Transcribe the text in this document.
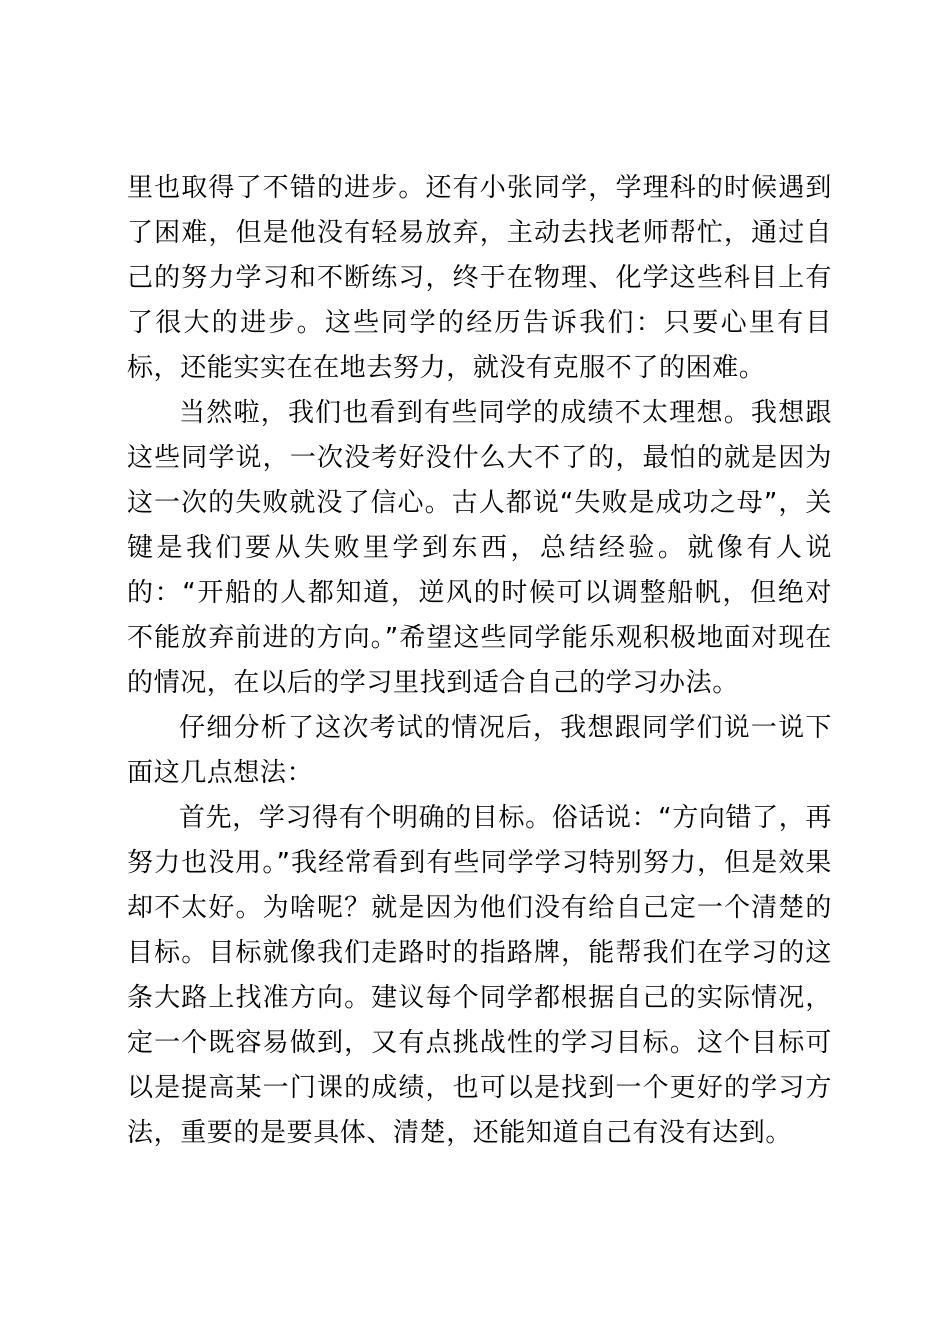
里也取得了不错的进步。还有小张同学，学理科的时候遇到了困难，但是他没有轻易放弃，主动去找老师帮忙，通过自己的努力学习和不断练习，终于在物理、化学这些科目上有了很大的进步。这些同学的经历告诉我们：只要心里有目标，还能实实在在地去努力，就没有克服不了的困难。

当然啦，我们也看到有些同学的成绩不太理想。我想跟这些同学说，一次没考好没什么大不了的，最怕的就是因为这一次的失败就没了信心。古人都说“失败是成功之母”，关键是我们要从失败里学到东西，总结经验。就像有人说的：“开船的人都知道，逆风的时候可以调整船帆，但绝对不能放弃前进的方向。”希望这些同学能乐观积极地面对现在的情况，在以后的学习里找到适合自己的学习办法。

仔细分析了这次考试的情况后，我想跟同学们说一说下面这几点想法：

首先，学习得有个明确的目标。俗话说：“方向错了，再努力也没用。”我经常看到有些同学学习特别努力，但是效果却不太好。为啥呢？就是因为他们没有给自己定一个清楚的目标。目标就像我们走路时的指路牌，能帮我们在学习的这条大路上找准方向。建议每个同学都根据自己的实际情况，定一个既容易做到，又有点挑战性的学习目标。这个目标可以是提高某一门课的成绩，也可以是找到一个更好的学习方法，重要的是要具体、清楚，还能知道自己有没有达到。
